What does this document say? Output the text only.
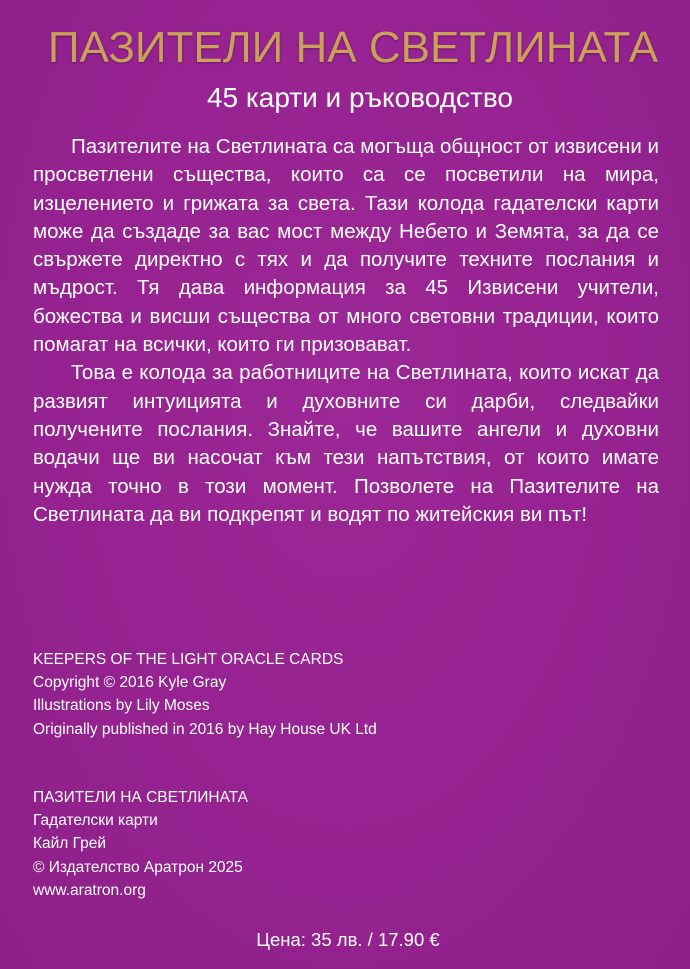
ПАЗИТЕЛИ НА СВЕТЛИНАТА
45 карти и ръководство

Пазителите на Светлината са могъща общност от извисени и просветлени същества, които са се посветили на мира, изцелението и грижата за света. Тази колода гадателски карти може да създаде за вас мост между Небето и Земята, за да се свържете директно с тях и да получите техните послания и мъдрост. Тя дава информация за 45 Извисени учители, божества и висши същества от много световни традиции, които помагат на всички, които ги призовават.

Това е колода за работниците на Светлината, които искат да развият интуицията и духовните си дарби, следвайки получените послания. Знайте, че вашите ангели и духовни водачи ще ви насочат към тези напътствия, от които имате нужда точно в този момент. Позволете на Пазителите на Светлината да ви подкрепят и водят по житейския ви път!

KEEPERS OF THE LIGHT ORACLE CARDS
Copyright © 2016 Kyle Gray
Illustrations by Lily Moses
Originally published in 2016 by Hay House UK Ltd
ПАЗИТЕЛИ НА СВЕТЛИНАТА
Гадателски карти
Кайл Грей
© Издателство Аратрон 2025
www.aratron.org
Цена: 35 лв. / 17.90 €
